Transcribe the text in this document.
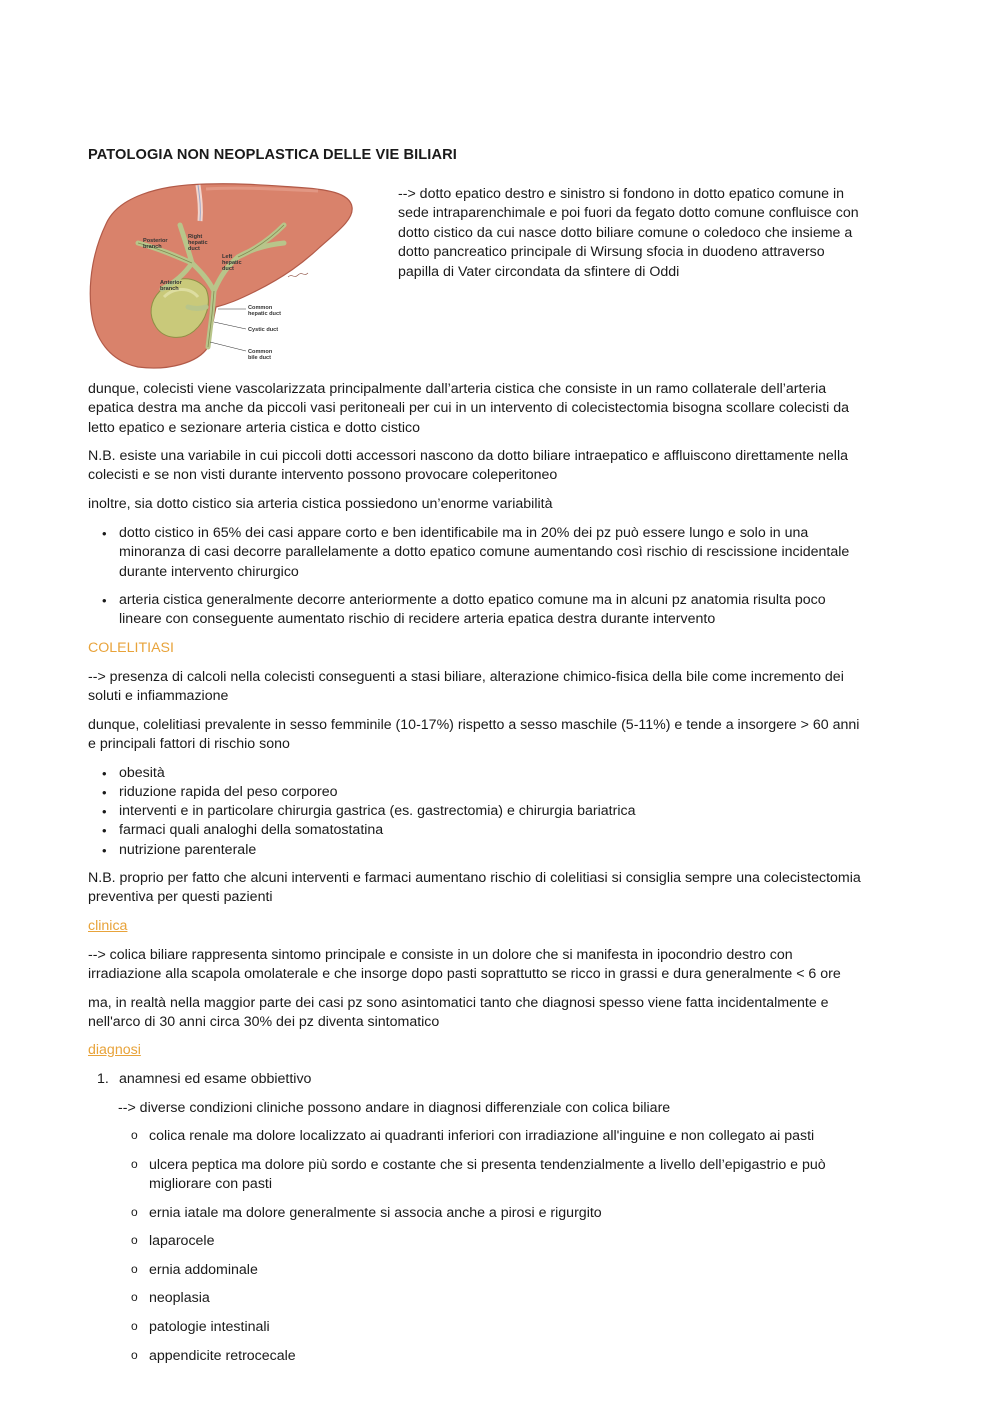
PATOLOGIA NON NEOPLASTICA DELLE VIE BILIARI
Posterior branch
Right hepatic duct
Left hepatic duct
Anterior branch
Common hepatic duct
Cystic duct
Common bile duct
--> dotto epatico destro e sinistro si fondono in dotto epatico comune in sede intraparenchimale e poi fuori da fegato dotto comune confluisce con dotto cistico da cui nasce dotto biliare comune o coledoco che insieme a dotto pancreatico principale di Wirsung sfocia in duodeno attraverso papilla di Vater circondata da sfintere di Oddi
dunque, colecisti viene vascolarizzata principalmente dall’arteria cistica che consiste in un ramo collaterale dell’arteria epatica destra ma anche da piccoli vasi peritoneali per cui in un intervento di colecistectomia bisogna scollare colecisti da letto epatico e sezionare arteria cistica e dotto cistico
N.B. esiste una variabile in cui piccoli dotti accessori nascono da dotto biliare intraepatico e affluiscono direttamente nella colecisti e se non visti durante intervento possono provocare coleperitoneo
inoltre, sia dotto cistico sia arteria cistica possiedono un’enorme variabilità
• dotto cistico in 65% dei casi appare corto e ben identificabile ma in 20% dei pz può essere lungo e solo in una minoranza di casi decorre parallelamente a dotto epatico comune aumentando così rischio di rescissione incidentale durante intervento chirurgico
• arteria cistica generalmente decorre anteriormente a dotto epatico comune ma in alcuni pz anatomia risulta poco lineare con conseguente aumentato rischio di recidere arteria epatica destra durante intervento
COLELITIASI
--> presenza di calcoli nella colecisti conseguenti a stasi biliare, alterazione chimico-fisica della bile come incremento dei soluti e infiammazione
dunque, colelitiasi prevalente in sesso femminile (10-17%) rispetto a sesso maschile (5-11%) e tende a insorgere > 60 anni e principali fattori di rischio sono
• obesità
• riduzione rapida del peso corporeo
• interventi e in particolare chirurgia gastrica (es. gastrectomia) e chirurgia bariatrica
• farmaci quali analoghi della somatostatina
• nutrizione parenterale
N.B. proprio per fatto che alcuni interventi e farmaci aumentano rischio di colelitiasi si consiglia sempre una colecistectomia preventiva per questi pazienti
clinica
--> colica biliare rappresenta sintomo principale e consiste in un dolore che si manifesta in ipocondrio destro con irradiazione alla scapola omolaterale e che insorge dopo pasti soprattutto se ricco in grassi e dura generalmente < 6 ore
ma, in realtà nella maggior parte dei casi pz sono asintomatici tanto che diagnosi spesso viene fatta incidentalmente e nell'arco di 30 anni circa 30% dei pz diventa sintomatico
diagnosi
1. anamnesi ed esame obbiettivo
--> diverse condizioni cliniche possono andare in diagnosi differenziale con colica biliare
o colica renale ma dolore localizzato ai quadranti inferiori con irradiazione all'inguine e non collegato ai pasti
o ulcera peptica ma dolore più sordo e costante che si presenta tendenzialmente a livello dell’epigastrio e può migliorare con pasti
o ernia iatale ma dolore generalmente si associa anche a pirosi e rigurgito
o laparocele
o ernia addominale
o neoplasia
o patologie intestinali
o appendicite retrocecale
